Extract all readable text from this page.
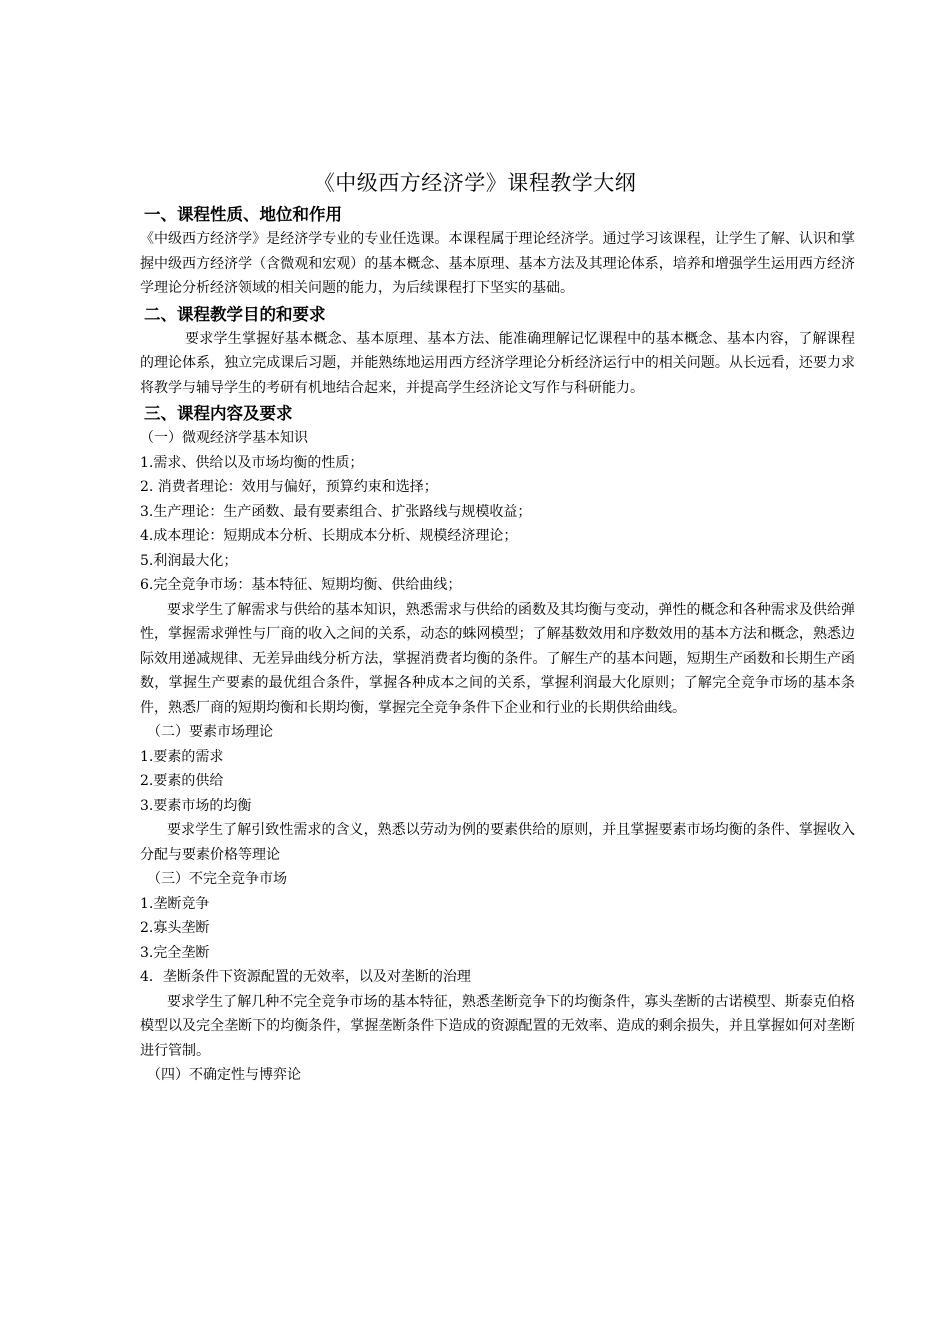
《中级西方经济学》课程教学大纲
一、课程性质、地位和作用

《中级西方经济学》是经济学专业的专业任选课。本课程属于理论经济学。通过学习该课程，让学生了解、认识和掌握中级西方经济学（含微观和宏观）的基本概念、基本原理、基本方法及其理论体系，培养和增强学生运用西方经济学理论分析经济领域的相关问题的能力，为后续课程打下坚实的基础。

二、课程教学目的和要求

要求学生掌握好基本概念、基本原理、基本方法、能准确理解记忆课程中的基本概念、基本内容，了解课程的理论体系，独立完成课后习题，并能熟练地运用西方经济学理论分析经济运行中的相关问题。从长远看，还要力求将教学与辅导学生的考研有机地结合起来，并提高学生经济论文写作与科研能力。

三、课程内容及要求
（一）微观经济学基本知识
1.需求、供给以及市场均衡的性质；
2. 消费者理论：效用与偏好，预算约束和选择；
3.生产理论：生产函数、最有要素组合、扩张路线与规模收益；
4.成本理论：短期成本分析、长期成本分析、规模经济理论；
5.利润最大化；
6.完全竞争市场：基本特征、短期均衡、供给曲线；

要求学生了解需求与供给的基本知识，熟悉需求与供给的函数及其均衡与变动，弹性的概念和各种需求及供给弹性，掌握需求弹性与厂商的收入之间的关系，动态的蛛网模型；了解基数效用和序数效用的基本方法和概念，熟悉边际效用递减规律、无差异曲线分析方法，掌握消费者均衡的条件。了解生产的基本问题，短期生产函数和长期生产函数，掌握生产要素的最优组合条件，掌握各种成本之间的关系，掌握利润最大化原则；了解完全竞争市场的基本条件，熟悉厂商的短期均衡和长期均衡，掌握完全竞争条件下企业和行业的长期供给曲线。

（二）要素市场理论
1.要素的需求
2.要素的供给
3.要素市场的均衡

要求学生了解引致性需求的含义，熟悉以劳动为例的要素供给的原则，并且掌握要素市场均衡的条件、掌握收入分配与要素价格等理论

（三）不完全竞争市场
1.垄断竞争
2.寡头垄断
3.完全垄断
4．垄断条件下资源配置的无效率，以及对垄断的治理

要求学生了解几种不完全竞争市场的基本特征，熟悉垄断竞争下的均衡条件，寡头垄断的古诺模型、斯泰克伯格模型以及完全垄断下的均衡条件，掌握垄断条件下造成的资源配置的无效率、造成的剩余损失，并且掌握如何对垄断进行管制。

（四）不确定性与博弈论
